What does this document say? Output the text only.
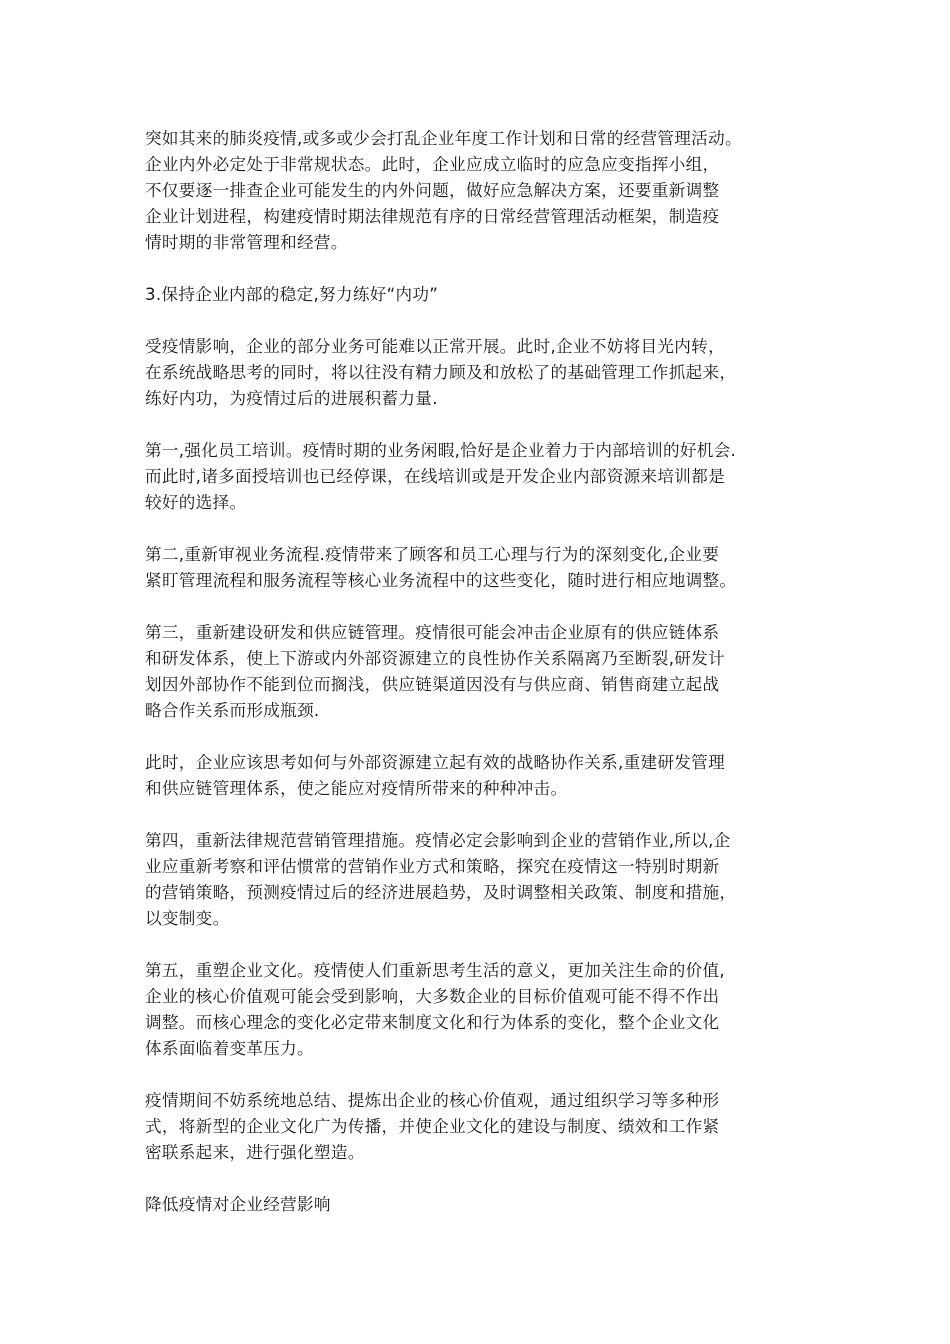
突如其来的肺炎疫情,或多或少会打乱企业年度工作计划和日常的经营管理活动。
企业内外必定处于非常规状态。此时，企业应成立临时的应急应变指挥小组，
不仅要逐一排查企业可能发生的内外问题，做好应急解决方案，还要重新调整
企业计划进程，构建疫情时期法律规范有序的日常经营管理活动框架，制造疫
情时期的非常管理和经营。

3.保持企业内部的稳定,努力练好“内功”

受疫情影响，企业的部分业务可能难以正常开展。此时,企业不妨将目光内转，
在系统战略思考的同时，将以往没有精力顾及和放松了的基础管理工作抓起来，
练好内功，为疫情过后的进展积蓄力量.

第一,强化员工培训。疫情时期的业务闲暇,恰好是企业着力于内部培训的好机会.
而此时,诸多面授培训也已经停课，在线培训或是开发企业内部资源来培训都是
较好的选择。

第二,重新审视业务流程.疫情带来了顾客和员工心理与行为的深刻变化,企业要
紧盯管理流程和服务流程等核心业务流程中的这些变化，随时进行相应地调整。

第三，重新建设研发和供应链管理。疫情很可能会冲击企业原有的供应链体系
和研发体系，使上下游或内外部资源建立的良性协作关系隔离乃至断裂,研发计
划因外部协作不能到位而搁浅，供应链渠道因没有与供应商、销售商建立起战
略合作关系而形成瓶颈.

此时，企业应该思考如何与外部资源建立起有效的战略协作关系,重建研发管理
和供应链管理体系，使之能应对疫情所带来的种种冲击。

第四，重新法律规范营销管理措施。疫情必定会影响到企业的营销作业,所以,企
业应重新考察和评估惯常的营销作业方式和策略，探究在疫情这一特别时期新
的营销策略，预测疫情过后的经济进展趋势，及时调整相关政策、制度和措施，
以变制变。

第五，重塑企业文化。疫情使人们重新思考生活的意义，更加关注生命的价值,
企业的核心价值观可能会受到影响，大多数企业的目标价值观可能不得不作出
调整。而核心理念的变化必定带来制度文化和行为体系的变化，整个企业文化
体系面临着变革压力。

疫情期间不妨系统地总结、提炼出企业的核心价值观，通过组织学习等多种形
式，将新型的企业文化广为传播，并使企业文化的建设与制度、绩效和工作紧
密联系起来，进行强化塑造。

降低疫情对企业经营影响
